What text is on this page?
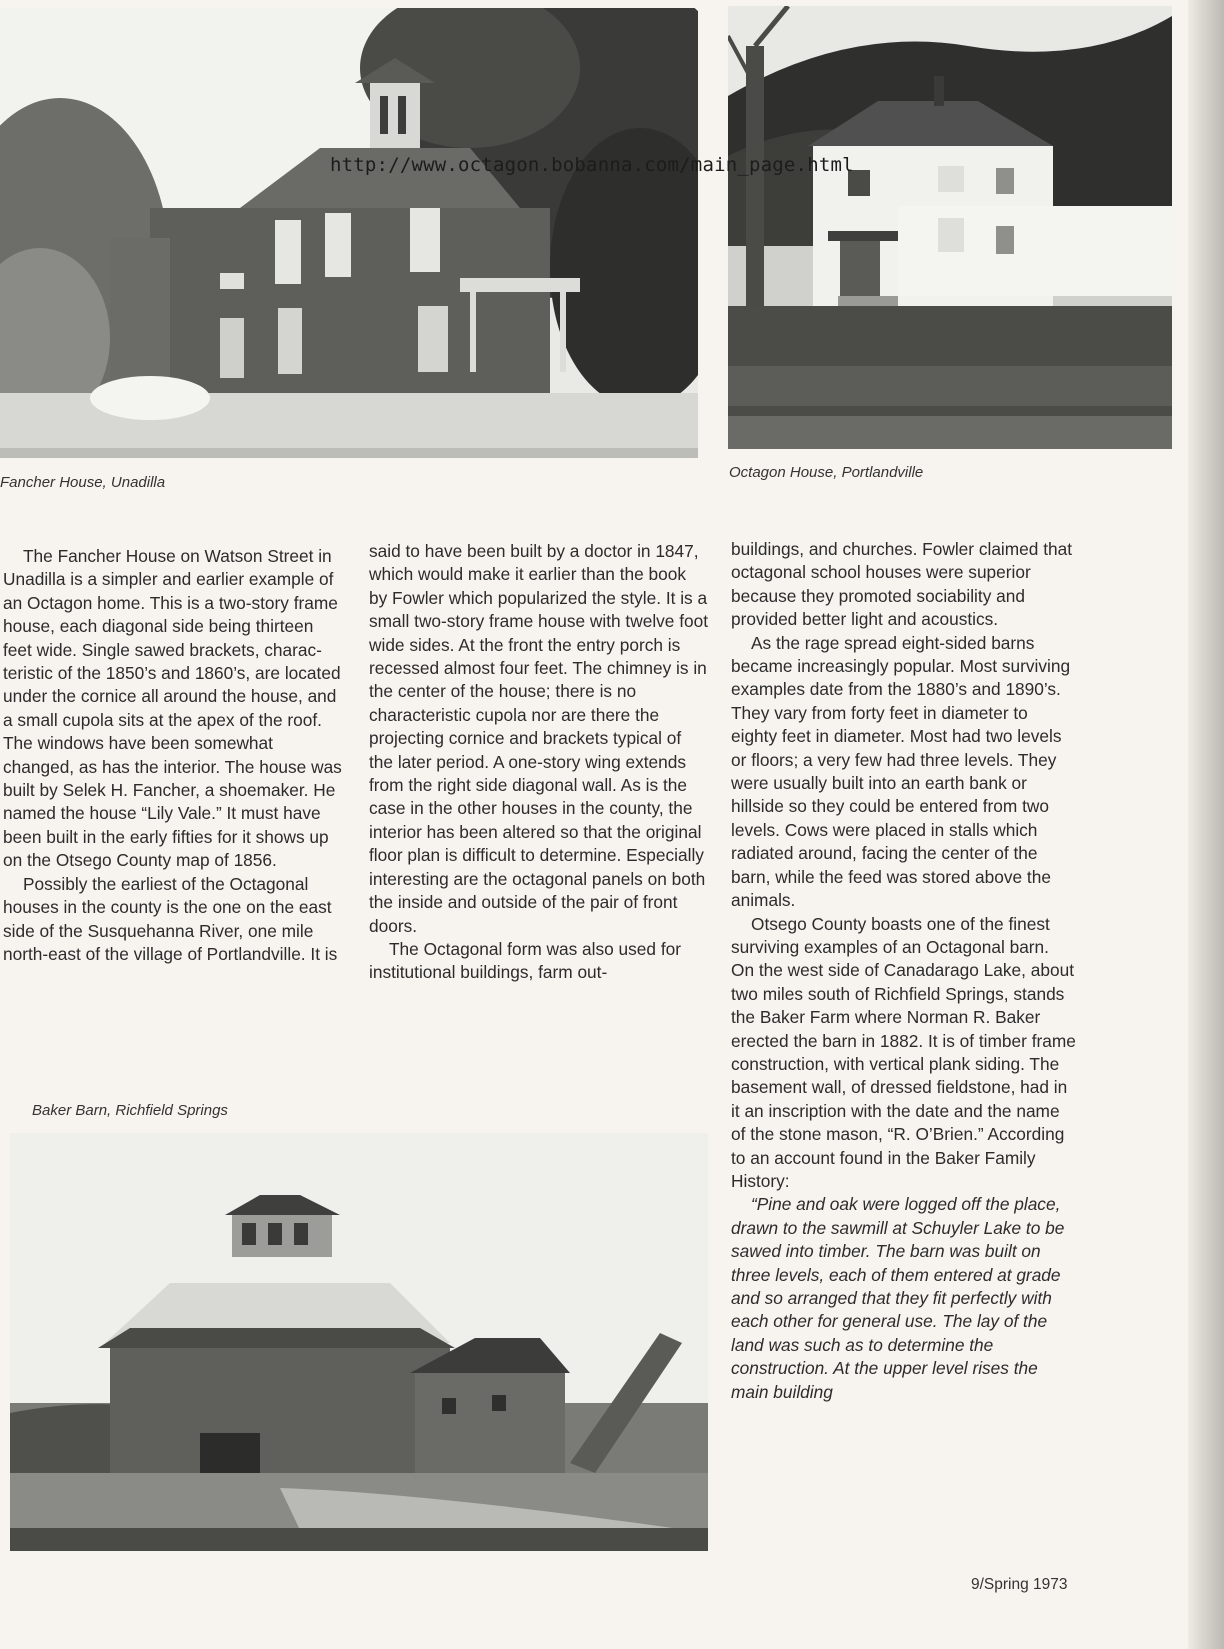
http://www.octagon.bobanna.com/main_page.html
Fancher House, Unadilla
Octagon House, Portlandville
Baker Barn, Richfield Springs

The Fancher House on Watson Street in Unadilla is a simpler and earlier example of an Octagon home. This is a two-story frame house, each diagonal side being thirteen feet wide. Single sawed brackets, charac-teristic of the 1850’s and 1860’s, are located under the cornice all around the house, and a small cupola sits at the apex of the roof. The windows have been somewhat changed, as has the interior. The house was built by Selek H. Fancher, a shoemaker. He named the house “Lily Vale.” It must have been built in the early fifties for it shows up on the Otsego County map of 1856.

Possibly the earliest of the Octagonal houses in the county is the one on the east side of the Susquehanna River, one mile north-east of the village of Portlandville. It is

said to have been built by a doctor in 1847, which would make it earlier than the book by Fowler which popularized the style. It is a small two-story frame house with twelve foot wide sides. At the front the entry porch is recessed almost four feet. The chimney is in the center of the house; there is no characteristic cupola nor are there the projecting cornice and brackets typical of the later period. A one-story wing extends from the right side diagonal wall. As is the case in the other houses in the county, the interior has been altered so that the original floor plan is difficult to determine. Especially interesting are the octagonal panels on both the inside and outside of the pair of front doors.

The Octagonal form was also used for institutional buildings, farm out-

buildings, and churches. Fowler claimed that octagonal school houses were superior because they promoted sociability and provided better light and acoustics.

As the rage spread eight-sided barns became increasingly popular. Most surviving examples date from the 1880’s and 1890’s. They vary from forty feet in diameter to eighty feet in diameter. Most had two levels or floors; a very few had three levels. They were usually built into an earth bank or hillside so they could be entered from two levels. Cows were placed in stalls which radiated around, facing the center of the barn, while the feed was stored above the animals.

Otsego County boasts one of the finest surviving examples of an Octagonal barn. On the west side of Canadarago Lake, about two miles south of Richfield Springs, stands the Baker Farm where Norman R. Baker erected the barn in 1882. It is of timber frame construction, with vertical plank siding. The basement wall, of dressed fieldstone, had in it an inscription with the date and the name of the stone mason, “R. O’Brien.” According to an account found in the Baker Family History:

“Pine and oak were logged off the place, drawn to the sawmill at Schuyler Lake to be sawed into timber. The barn was built on three levels, each of them entered at grade and so arranged that they fit perfectly with each other for general use. The lay of the land was such as to determine the construction. At the upper level rises the main building

9/Spring 1973
